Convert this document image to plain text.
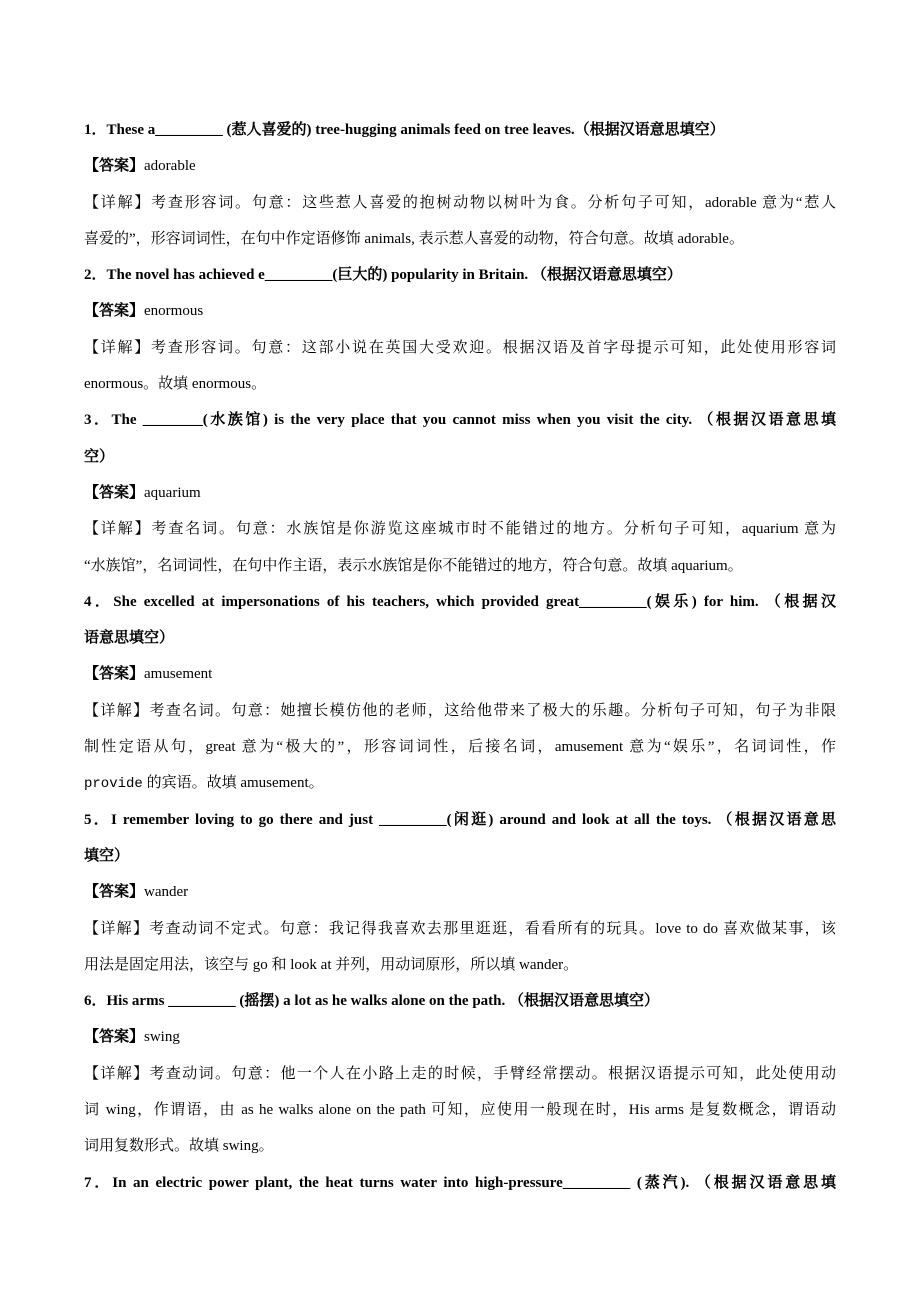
1．These a_________ (惹人喜爱的) tree-hugging animals feed on tree leaves.（根据汉语意思填空）
【答案】adorable
【详解】考查形容词。句意：这些惹人喜爱的抱树动物以树叶为食。分析句子可知，adorable 意为“惹人
喜爱的”，形容词词性，在句中作定语修饰 animals, 表示惹人喜爱的动物，符合句意。故填 adorable。
2．The novel has achieved e_________(巨大的) popularity in Britain. （根据汉语意思填空）
【答案】enormous
【详解】考查形容词。句意：这部小说在英国大受欢迎。根据汉语及首字母提示可知，此处使用形容词
enormous。故填 enormous。
3．The ________(水族馆) is the very place that you cannot miss when you visit the city. （根据汉语意思填
空）
【答案】aquarium
【详解】考查名词。句意：水族馆是你游览这座城市时不能错过的地方。分析句子可知，aquarium 意为
“水族馆”，名词词性，在句中作主语，表示水族馆是你不能错过的地方，符合句意。故填 aquarium。
4．She excelled at impersonations of his teachers, which provided great_________(娱乐) for him. （根据汉
语意思填空）
【答案】amusement
【详解】考查名词。句意：她擅长模仿他的老师，这给他带来了极大的乐趣。分析句子可知，句子为非限
制性定语从句，great 意为“极大的”，形容词词性，后接名词，amusement 意为“娱乐”，名词词性，作
provide 的宾语。故填 amusement。
5．I remember loving to go there and just _________(闲逛) around and look at all the toys. （根据汉语意思
填空）
【答案】wander
【详解】考查动词不定式。句意：我记得我喜欢去那里逛逛，看看所有的玩具。love to do 喜欢做某事，该
用法是固定用法，该空与 go 和 look at 并列，用动词原形，所以填 wander。
6．His arms _________ (摇摆) a lot as he walks alone on the path. （根据汉语意思填空）
【答案】swing
【详解】考查动词。句意：他一个人在小路上走的时候，手臂经常摆动。根据汉语提示可知，此处使用动
词 wing，作谓语，由 as he walks alone on the path 可知，应使用一般现在时，His arms 是复数概念，谓语动
词用复数形式。故填 swing。
7．In an electric power plant, the heat turns water into high-pressure_________ (蒸汽). （根据汉语意思填
